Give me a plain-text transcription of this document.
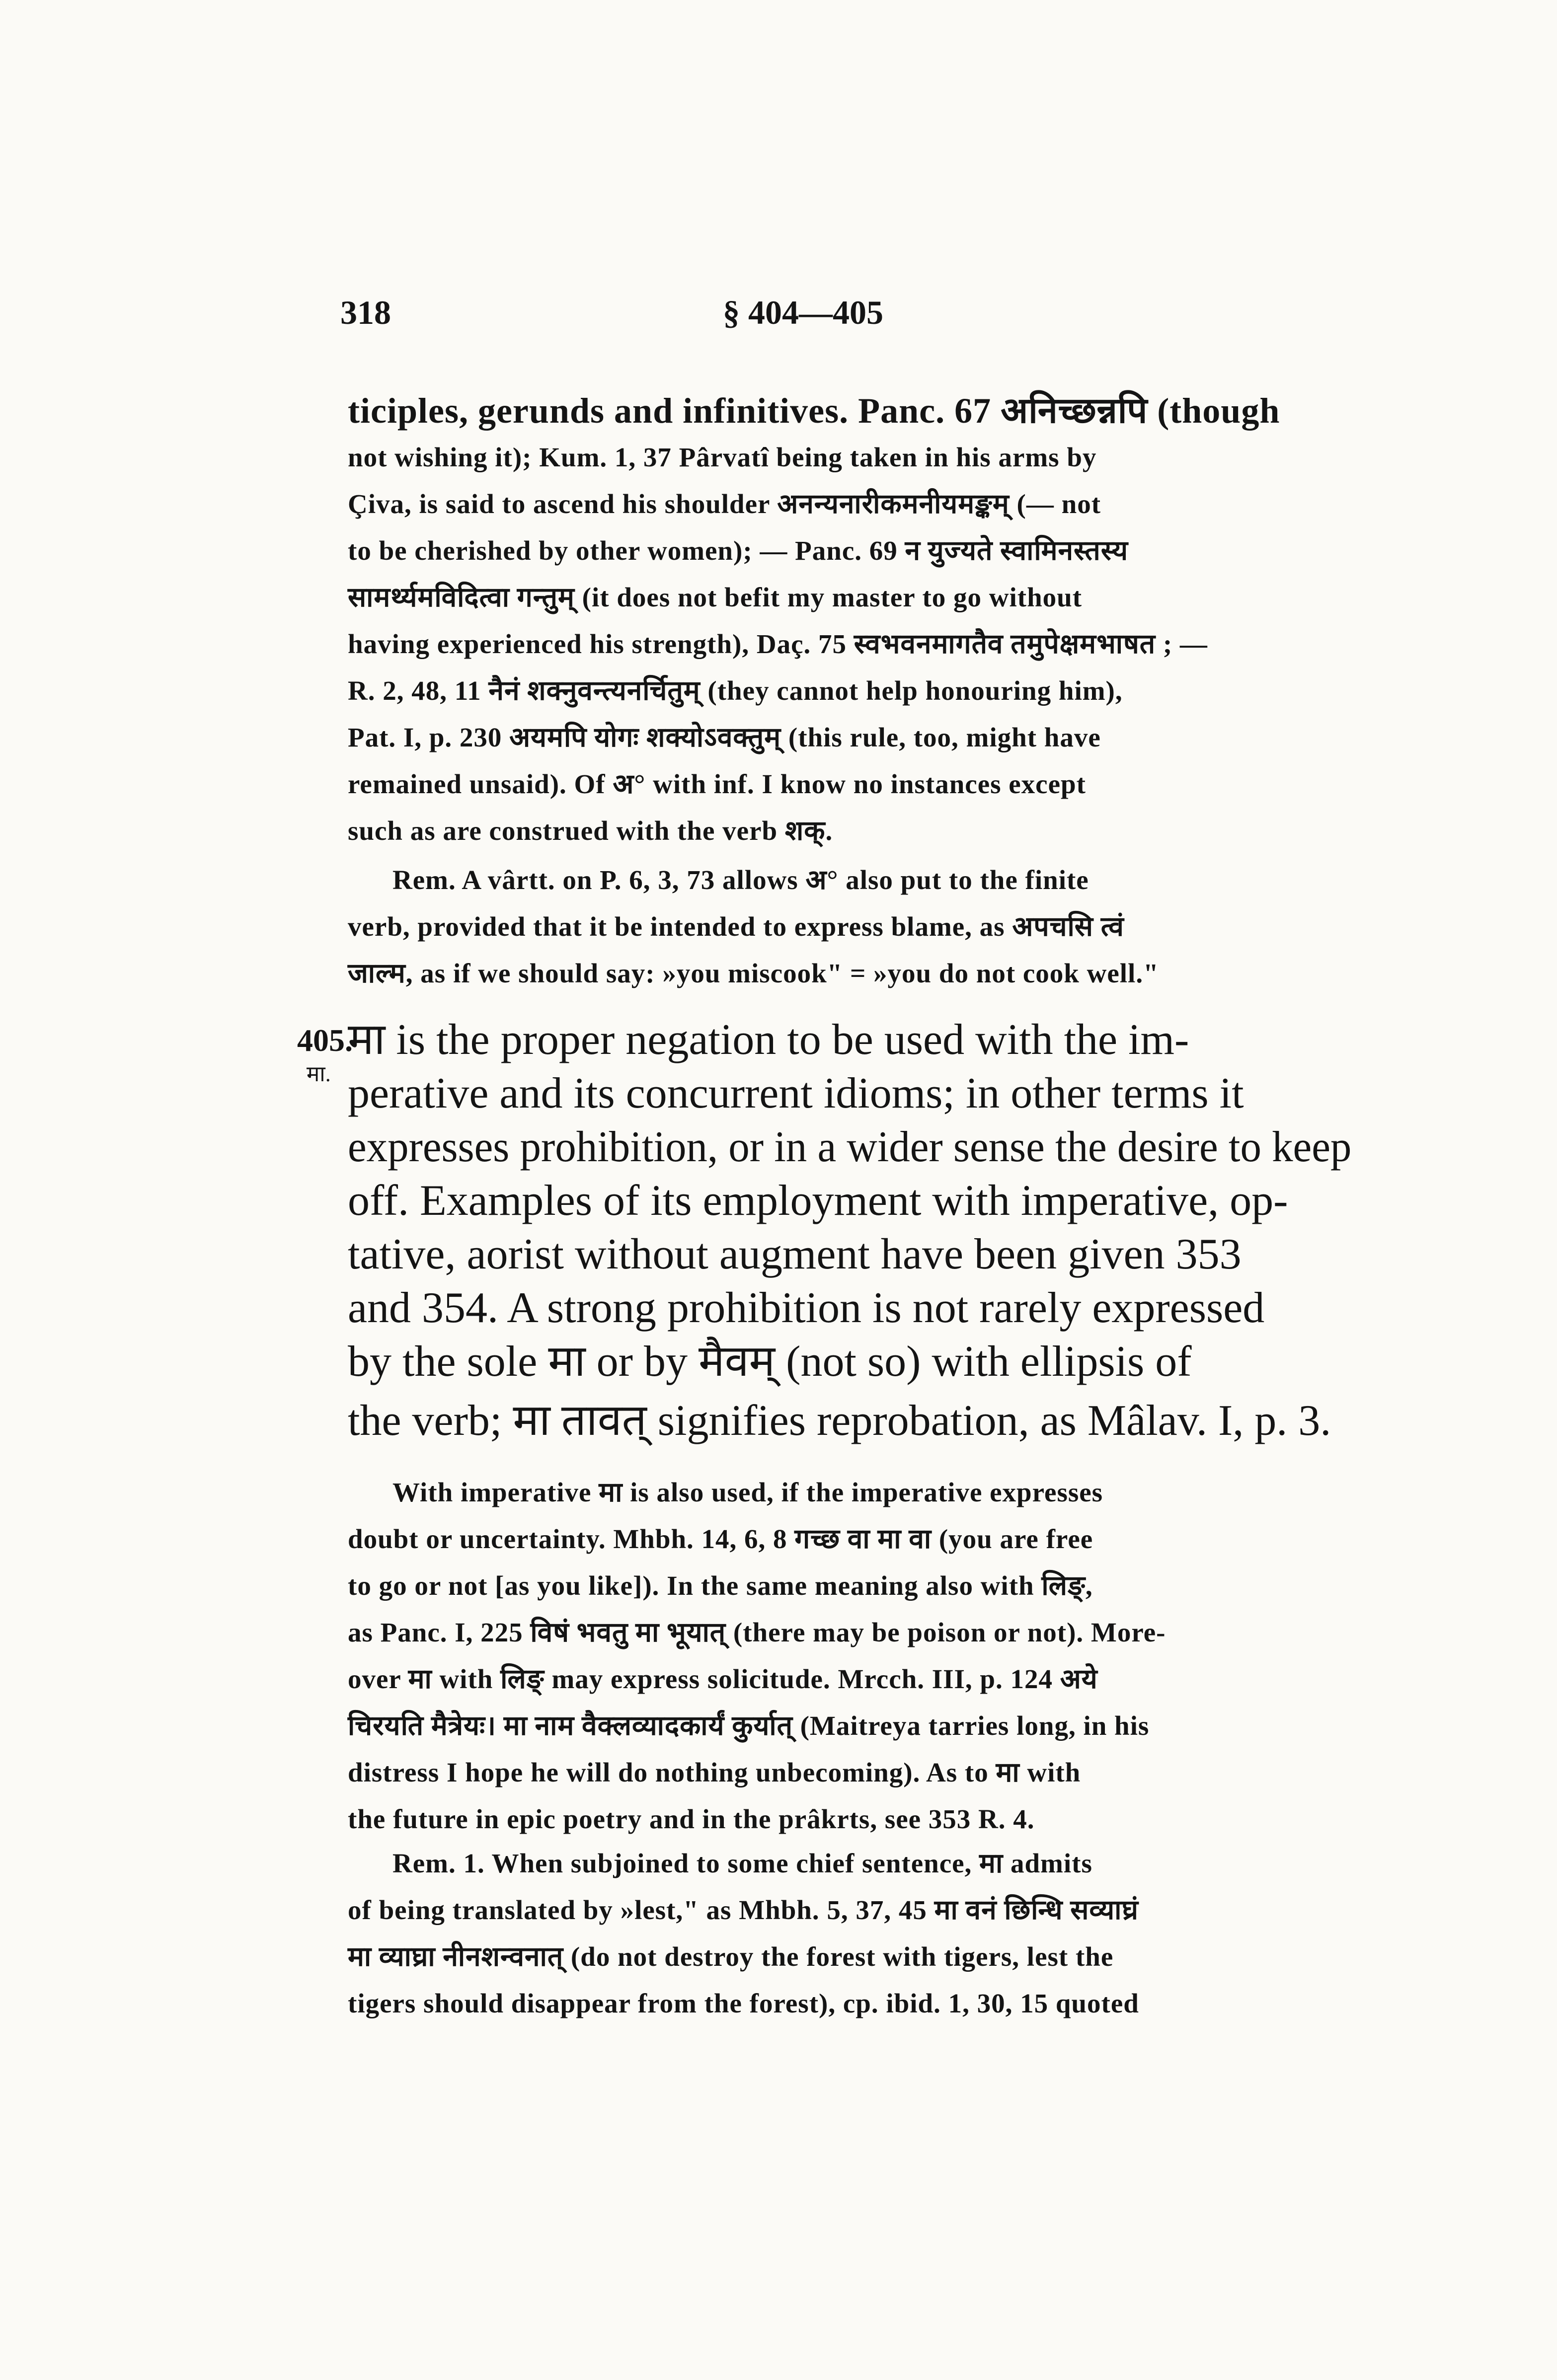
318	§ 404—405
ticiples, gerunds and infinitives. Panc. 67 अनिच्छन्नपि (though
not wishing it); Kum. 1, 37 Pârvatî being taken in his arms by
Çiva, is said to ascend his shoulder अनन्यनारीकमनीयमङ्कम् (— not
to be cherished by other women); — Panc. 69 न युज्यते स्वामिनस्तस्य
सामर्थ्यमविदित्वा गन्तुम् (it does not befit my master to go without
having experienced his strength), Daç. 75 स्वभवनमागतैव तमुपेक्षमभाषत ; —
R. 2, 48, 11 नैनं शक्नुवन्त्यनर्चितुम् (they cannot help honouring him),
Pat. I, p. 230 अयमपि योगः शक्योऽवक्तुम् (this rule, too, might have
remained unsaid). Of अ° with inf. I know no instances except
such as are construed with the verb शक्.
Rem. A vârtt. on P. 6, 3, 73 allows अ° also put to the finite
verb, provided that it be intended to express blame, as अपचसि त्वं
जाल्म, as if we should say: »you miscook" = »you do not cook well."
405.
मा.
मा is the proper negation to be used with the im-
perative and its concurrent idioms; in other terms it
expresses prohibition, or in a wider sense the desire to keep
off. Examples of its employment with imperative, op-
tative, aorist without augment have been given 353
and 354. A strong prohibition is not rarely expressed
by the sole मा or by मैवम् (not so) with ellipsis of
the verb; मा तावत् signifies reprobation, as Mâlav. I, p. 3.
With imperative मा is also used, if the imperative expresses
doubt or uncertainty. Mhbh. 14, 6, 8 गच्छ वा मा वा (you are free
to go or not [as you like]). In the same meaning also with लिङ्,
as Panc. I, 225 विषं भवतु मा भूयात् (there may be poison or not). More-
over मा with लिङ् may express solicitude. Mrcch. III, p. 124 अये
चिरयति मैत्रेयः। मा नाम वैक्लव्यादकार्यं कुर्यात् (Maitreya tarries long, in his
distress I hope he will do nothing unbecoming). As to मा with
the future in epic poetry and in the prâkrts, see 353 R. 4.
Rem. 1. When subjoined to some chief sentence, मा admits
of being translated by »lest," as Mhbh. 5, 37, 45 मा वनं छिन्धि सव्याघ्रं
मा व्याघ्रा नीनशन्वनात् (do not destroy the forest with tigers, lest the
tigers should disappear from the forest), cp. ibid. 1, 30, 15 quoted
